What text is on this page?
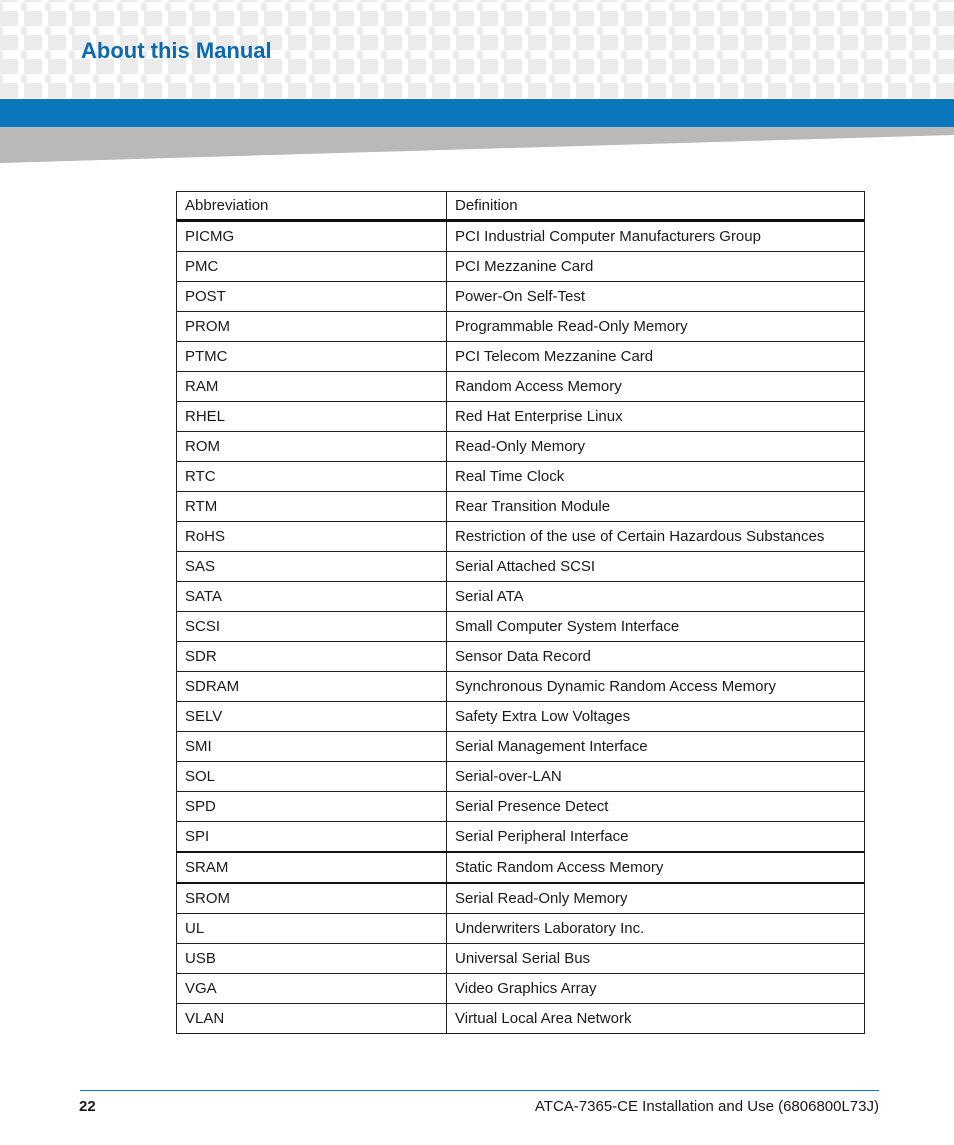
About this Manual
Abbreviation	Definition
PICMG	PCI Industrial Computer Manufacturers Group
PMC	PCI Mezzanine Card
POST	Power-On Self-Test
PROM	Programmable Read-Only Memory
PTMC	PCI Telecom Mezzanine Card
RAM	Random Access Memory
RHEL	Red Hat Enterprise Linux
ROM	Read-Only Memory
RTC	Real Time Clock
RTM	Rear Transition Module
RoHS	Restriction of the use of Certain Hazardous Substances
SAS	Serial Attached SCSI
SATA	Serial ATA
SCSI	Small Computer System Interface
SDR	Sensor Data Record
SDRAM	Synchronous Dynamic Random Access Memory
SELV	Safety Extra Low Voltages
SMI	Serial Management Interface
SOL	Serial-over-LAN
SPD	Serial Presence Detect
SPI	Serial Peripheral Interface
SRAM	Static Random Access Memory
SROM	Serial Read-Only Memory
UL	Underwriters Laboratory Inc.
USB	Universal Serial Bus
VGA	Video Graphics Array
VLAN	Virtual Local Area Network
22	ATCA-7365-CE Installation and Use (6806800L73J)
